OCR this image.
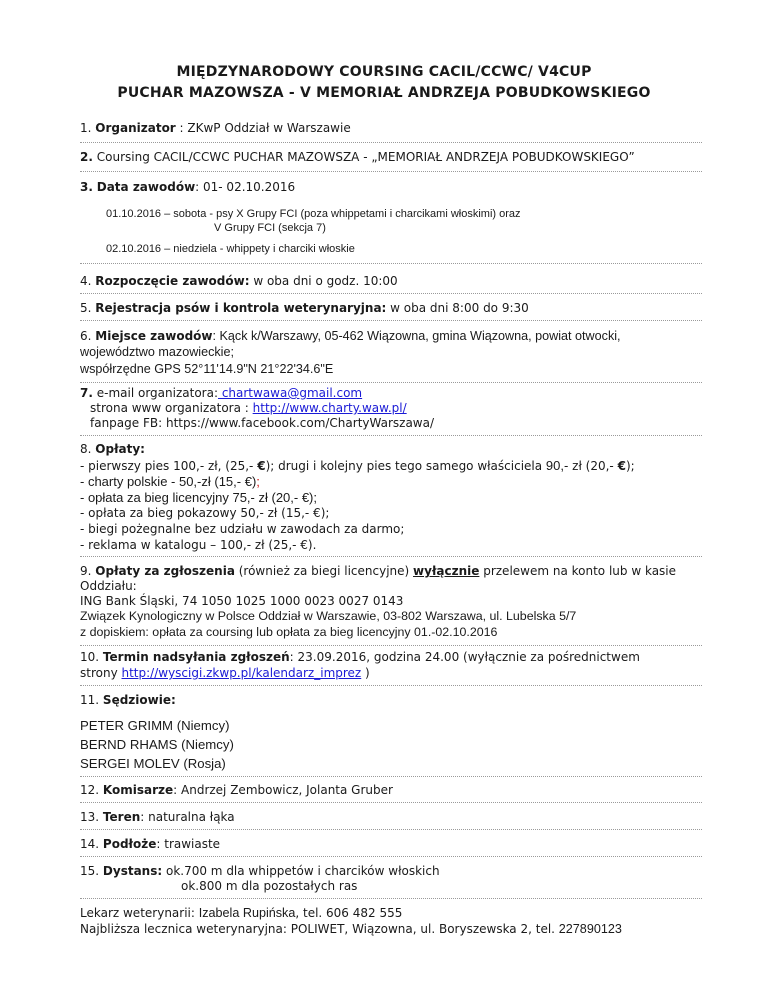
MIĘDZYNARODOWY COURSING CACIL/CCWC/ V4CUP
PUCHAR MAZOWSZA - V MEMORIAŁ ANDRZEJA POBUDKOWSKIEGO
1. Organizator : ZKwP Oddział w Warszawie
2. Coursing CACIL/CCWC PUCHAR MAZOWSZA - „MEMORIAŁ ANDRZEJA POBUDKOWSKIEGO”
3. Data zawodów: 01- 02.10.2016
01.10.2016 – sobota - psy X Grupy FCI (poza whippetami i charcikami włoskimi) oraz
V Grupy FCI (sekcja 7)
02.10.2016 – niedziela - whippety i charciki włoskie
4. Rozpoczęcie zawodów: w oba dni o godz. 10:00
5. Rejestracja psów i kontrola weterynaryjna: w oba dni 8:00 do 9:30
6. Miejsce zawodów: Kąck k/Warszawy, 05-462 Wiązowna, gmina Wiązowna, powiat otwocki,
województwo mazowieckie;
współrzędne GPS 52°11'14.9"N 21°22'34.6"E
7. e-mail organizatora: chartwawa@gmail.com
strona www organizatora : http://www.charty.waw.pl/
fanpage FB: https://www.facebook.com/ChartyWarszawa/
8. Opłaty:
- pierwszy pies 100,- zł, (25,- €); drugi i kolejny pies tego samego właściciela 90,- zł (20,- €);
- charty polskie - 50,-zł (15,- €);
- opłata za bieg licencyjny 75,- zł (20,- €);
- opłata za bieg pokazowy 50,- zł (15,- €);
- biegi pożegnalne bez udziału w zawodach za darmo;
- reklama w katalogu – 100,- zł (25,- €).
9. Opłaty za zgłoszenia (również za biegi licencyjne) wyłącznie przelewem na konto lub w kasie
Oddziału:
ING Bank Śląski, 74 1050 1025 1000 0023 0027 0143
Związek Kynologiczny w Polsce Oddział w Warszawie, 03-802 Warszawa, ul. Lubelska 5/7
z dopiskiem: opłata za coursing lub opłata za bieg licencyjny 01.-02.10.2016
10. Termin nadsyłania zgłoszeń: 23.09.2016, godzina 24.00 (wyłącznie za pośrednictwem
strony http://wyscigi.zkwp.pl/kalendarz_imprez )
11. Sędziowie:
PETER GRIMM (Niemcy)
BERND RHAMS (Niemcy)
SERGEI MOLEV (Rosja)
12. Komisarze: Andrzej Zembowicz, Jolanta Gruber
13. Teren: naturalna łąka
14. Podłoże: trawiaste
15. Dystans: ok.700 m dla whippetów i charcików włoskich
ok.800 m dla pozostałych ras
Lekarz weterynarii: Izabela Rupińska, tel. 606 482 555
Najbliższa lecznica weterynaryjna: POLIWET, Wiązowna, ul. Boryszewska 2, tel. 227890123
